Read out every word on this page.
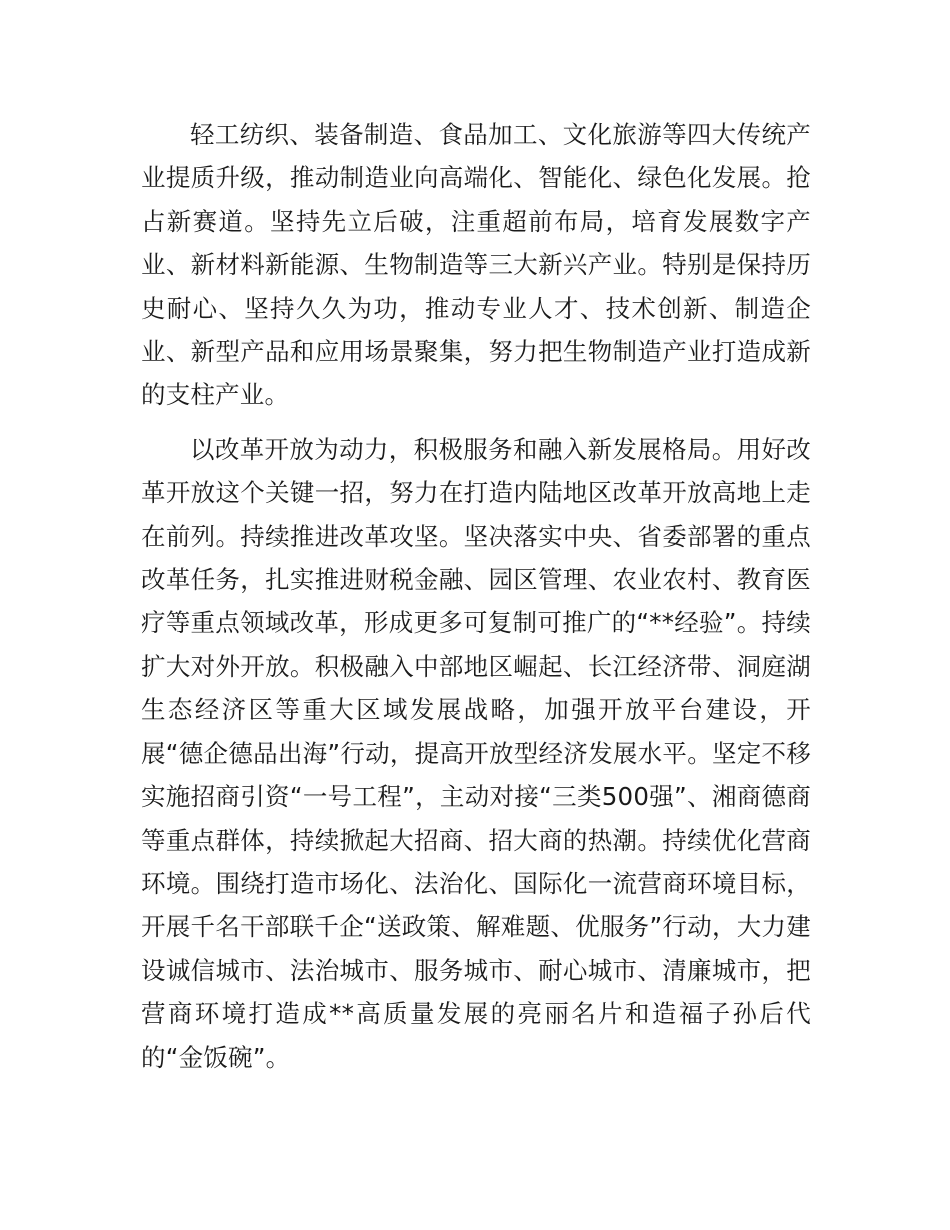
轻工纺织、装备制造、食品加工、文化旅游等四大传统产业提质升级，推动制造业向高端化、智能化、绿色化发展。抢占新赛道。坚持先立后破，注重超前布局，培育发展数字产业、新材料新能源、生物制造等三大新兴产业。特别是保持历史耐心、坚持久久为功，推动专业人才、技术创新、制造企业、新型产品和应用场景聚集，努力把生物制造产业打造成新的支柱产业。

以改革开放为动力，积极服务和融入新发展格局。用好改革开放这个关键一招，努力在打造内陆地区改革开放高地上走在前列。持续推进改革攻坚。坚决落实中央、省委部署的重点改革任务，扎实推进财税金融、园区管理、农业农村、教育医疗等重点领域改革，形成更多可复制可推广的“**经验”。持续扩大对外开放。积极融入中部地区崛起、长江经济带、洞庭湖生态经济区等重大区域发展战略，加强开放平台建设，开展“德企德品出海”行动，提高开放型经济发展水平。坚定不移实施招商引资“一号工程”，主动对接“三类500强”、湘商德商等重点群体，持续掀起大招商、招大商的热潮。持续优化营商环境。围绕打造市场化、法治化、国际化一流营商环境目标，开展千名干部联千企“送政策、解难题、优服务”行动，大力建设诚信城市、法治城市、服务城市、耐心城市、清廉城市，把营商环境打造成**高质量发展的亮丽名片和造福子孙后代的“金饭碗”。
